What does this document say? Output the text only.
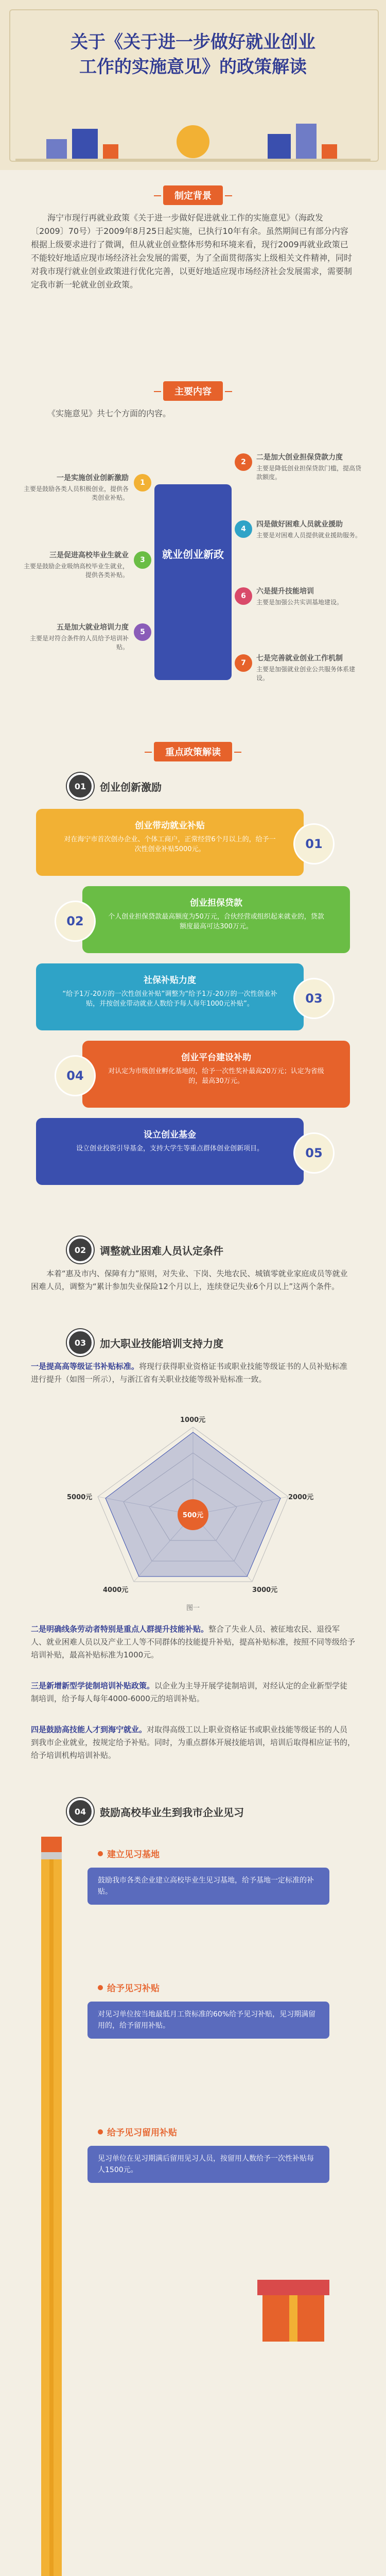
关于《关于进一步做好就业创业
工作的实施意见》的政策解读
制定背景
海宁市现行再就业政策《关于进一步做好促进就业工作的实施意见》（海政发〔2009〕70号）于2009年8月25日起实施，已执行10年有余。虽然期间已有部分内容根据上级要求进行了微调，但从就业创业整体形势和环境来看，现行2009再就业政策已不能较好地适应现市场经济社会发展的需要，为了全面贯彻落实上级相关文件精神，同时对我市现行就业创业政策进行优化完善，以更好地适应现市场经济社会发展需求，需要制定我市新一轮就业创业政策。
主要内容
《实施意见》共七个方面的内容。
就业创业新政
1
一是实施创业创新激励
主要是鼓励各类人员积极创业，提供各类创业补贴。
3
三是促进高校毕业生就业
主要是鼓励企业吸纳高校毕业生就业，提供各类补贴。
5
五是加大就业培训力度
主要是对符合条件的人员给予培训补贴。
2
二是加大创业担保贷款力度
主要是降低创业担保贷款门槛，提高贷款额度。
4
四是做好困难人员就业援助
主要是对困难人员提供就业援助服务。
6
六是提升技能培训
主要是加强公共实训基地建设。
7
七是完善就业创业工作机制
主要是加强就业创业公共服务体系建设。
重点政策解读
01	创业创新激励
创业带动就业补贴
对在海宁市首次创办企业、个体工商户，正常经营6个月以上的，给予一次性创业补贴5000元。	01
创业担保贷款
个人创业担保贷款最高额度为50万元，合伙经营或组织起来就业的，贷款额度最高可达300万元。
02
社保补贴力度
“给予1万-20万的一次性创业补贴”调整为“给予1万-20万的一次性创业补贴，并按创业带动就业人数给予每人每年1000元补贴”。	03
创业平台建设补助
对认定为市级创业孵化基地的，给予一次性奖补最高20万元；认定为省级的，最高30万元。
04
设立创业基金
设立创业投资引导基金，支持大学生等重点群体创业创新项目。	05
02	调整就业困难人员认定条件
本着“惠及市内、保障有力”原则，对失业、下岗、失地农民、城镇零就业家庭成员等就业困难人员，调整为“累计参加失业保险12个月以上，连续登记失业6个月以上”这两个条件。
03	加大职业技能培训支持力度
一是提高高等级证书补贴标准。将现行获得职业资格证书或职业技能等级证书的人员补贴标准进行提升（如图一所示），与浙江省有关职业技能等级补贴标准一致。
500元
1000元
2000元
3000元
4000元
5000元
图一
二是明确线条劳动者特别是重点人群提升技能补贴。整合了失业人员、被征地农民、退役军人、就业困难人员以及产业工人等不同群体的技能提升补贴，提高补贴标准，按照不同等级给予培训补贴，最高补贴标准为1000元。
三是新增新型学徒制培训补贴政策。以企业为主导开展学徒制培训，对经认定的企业新型学徒制培训，给予每人每年4000-6000元的培训补贴。
四是鼓励高技能人才到海宁就业。对取得高级工以上职业资格证书或职业技能等级证书的人员到我市企业就业，按规定给予补贴。同时，为重点群体开展技能培训，培训后取得相应证书的，给予培训机构培训补贴。
04	鼓励高校毕业生到我市企业见习
建立见习基地
鼓励我市各类企业建立高校毕业生见习基地，给予基地一定标准的补贴。
给予见习补贴
对见习单位按当地最低月工资标准的60%给予见习补贴，见习期满留用的，给予留用补贴。
给予见习留用补贴
见习单位在见习期满后留用见习人员，按留用人数给予一次性补贴每人1500元。
